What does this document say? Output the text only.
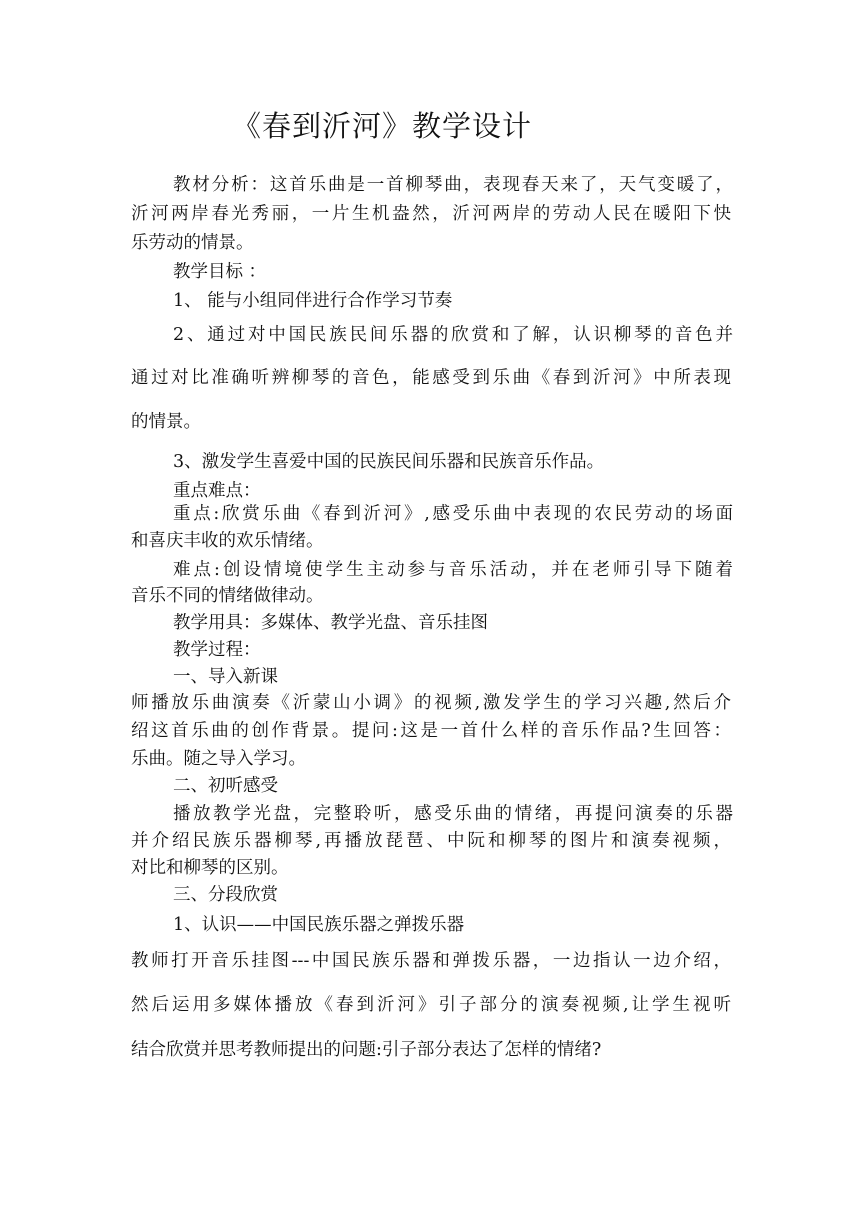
《春到沂河》教学设计
教材分析：这首乐曲是一首柳琴曲，表现春天来了，天气变暖了，
沂河两岸春光秀丽，一片生机盎然，沂河两岸的劳动人民在暖阳下快
乐劳动的情景。
教学目标 ：
1、 能与小组同伴进行合作学习节奏
2、通过对中国民族民间乐器的欣赏和了解，认识柳琴的音色并
通过对比准确听辨柳琴的音色，能感受到乐曲《春到沂河》中所表现
的情景。
3、激发学生喜爱中国的民族民间乐器和民族音乐作品。
重点难点：
重点:欣赏乐曲《春到沂河》,感受乐曲中表现的农民劳动的场面
和喜庆丰收的欢乐情绪。
难点:创设情境使学生主动参与音乐活动，并在老师引导下随着
音乐不同的情绪做律动。
教学用具：多媒体、教学光盘、音乐挂图
教学过程：
一、导入新课
师播放乐曲演奏《沂蒙山小调》的视频,激发学生的学习兴趣,然后介
绍这首乐曲的创作背景。提问:这是一首什么样的音乐作品?生回答：
乐曲。随之导入学习。
二、初听感受
播放教学光盘，完整聆听，感受乐曲的情绪，再提问演奏的乐器
并介绍民族乐器柳琴,再播放琵琶、中阮和柳琴的图片和演奏视频，
对比和柳琴的区别。
三、分段欣赏
1、认识——中国民族乐器之弹拨乐器
教师打开音乐挂图---中国民族乐器和弹拨乐器，一边指认一边介绍，
然后运用多媒体播放《春到沂河》引子部分的演奏视频,让学生视听
结合欣赏并思考教师提出的问题:引子部分表达了怎样的情绪?
